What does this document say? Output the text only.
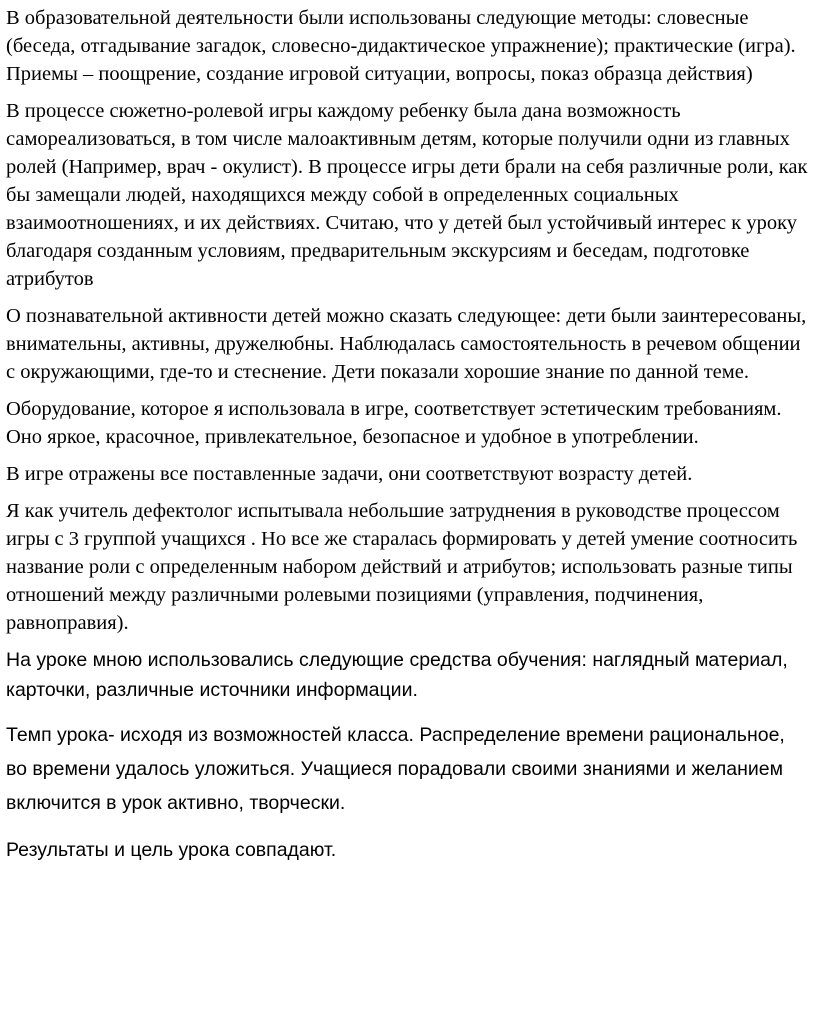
В образовательной деятельности были использованы следующие методы: словесные (беседа, отгадывание загадок, словесно-дидактическое упражнение); практические (игра). Приемы – поощрение, создание игровой ситуации, вопросы, показ образца действия)

В процессе сюжетно-ролевой игры каждому ребенку была дана возможность самореализоваться, в том числе малоактивным детям, которые получили одни из главных ролей (Например, врач - окулист). В процессе игры дети брали на себя различные роли, как бы замещали людей, находящихся между собой в определенных социальных взаимоотношениях, и их действиях. Считаю, что у детей был устойчивый интерес к уроку благодаря созданным условиям, предварительным экскурсиям и беседам, подготовке атрибутов

О познавательной активности детей можно сказать следующее: дети были заинтересованы, внимательны, активны, дружелюбны. Наблюдалась самостоятельность в речевом общении с окружающими, где-то и стеснение. Дети показали хорошие знание по данной теме.

Оборудование, которое я использовала в игре, соответствует эстетическим требованиям. Оно яркое, красочное, привлекательное, безопасное и удобное в употреблении.

В игре отражены все поставленные задачи, они соответствуют возрасту детей.

Я как учитель дефектолог испытывала небольшие затруднения в руководстве процессом игры с 3 группой учащихся . Но все же старалась формировать у детей умение соотносить название роли с определенным набором действий и атрибутов; использовать разные типы отношений между различными ролевыми позициями (управления, подчинения, равноправия).

На уроке мною использовались следующие средства обучения: наглядный материал, карточки, различные источники информации.

Темп урока- исходя из возможностей класса. Распределение времени рациональное, во времени удалось уложиться. Учащиеся порадовали своими знаниями и желанием включится в урок активно, творчески.

Результаты и цель урока совпадают.
